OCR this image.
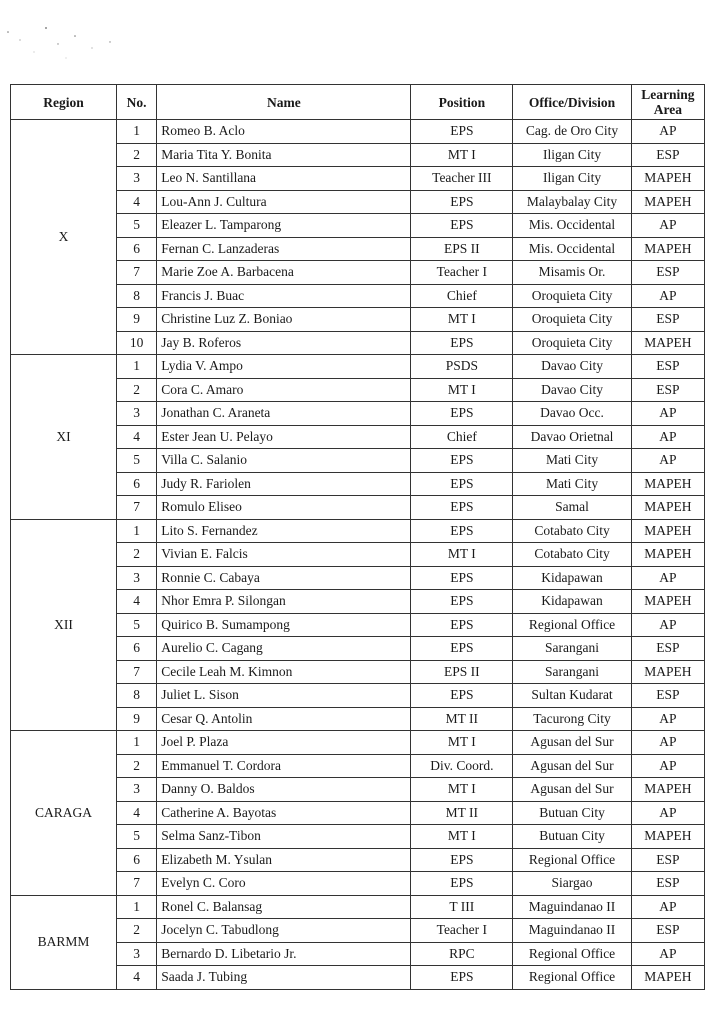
Region	No.	Name	Position	Office/Division	Learning Area
X	1	Romeo B. Aclo	EPS	Cag. de Oro City	AP
	2	Maria Tita Y. Bonita	MT I	Iligan City	ESP
	3	Leo N. Santillana	Teacher III	Iligan City	MAPEH
	4	Lou-Ann J. Cultura	EPS	Malaybalay City	MAPEH
	5	Eleazer L. Tamparong	EPS	Mis. Occidental	AP
	6	Fernan C. Lanzaderas	EPS II	Mis. Occidental	MAPEH
	7	Marie Zoe A. Barbacena	Teacher I	Misamis Or.	ESP
	8	Francis J. Buac	Chief	Oroquieta City	AP
	9	Christine Luz Z. Boniao	MT I	Oroquieta City	ESP
	10	Jay B. Roferos	EPS	Oroquieta City	MAPEH
XI	1	Lydia V. Ampo	PSDS	Davao City	ESP
	2	Cora C. Amaro	MT I	Davao City	ESP
	3	Jonathan C. Araneta	EPS	Davao Occ.	AP
	4	Ester Jean U. Pelayo	Chief	Davao Orietnal	AP
	5	Villa C. Salanio	EPS	Mati City	AP
	6	Judy R. Fariolen	EPS	Mati City	MAPEH
	7	Romulo Eliseo	EPS	Samal	MAPEH
XII	1	Lito S. Fernandez	EPS	Cotabato City	MAPEH
	2	Vivian E. Falcis	MT I	Cotabato City	MAPEH
	3	Ronnie C. Cabaya	EPS	Kidapawan	AP
	4	Nhor Emra P. Silongan	EPS	Kidapawan	MAPEH
	5	Quirico B. Sumampong	EPS	Regional Office	AP
	6	Aurelio C. Cagang	EPS	Sarangani	ESP
	7	Cecile Leah M. Kimnon	EPS II	Sarangani	MAPEH
	8	Juliet L. Sison	EPS	Sultan Kudarat	ESP
	9	Cesar Q. Antolin	MT II	Tacurong City	AP
CARAGA	1	Joel P. Plaza	MT I	Agusan del Sur	AP
	2	Emmanuel T. Cordora	Div. Coord.	Agusan del Sur	AP
	3	Danny O. Baldos	MT I	Agusan del Sur	MAPEH
	4	Catherine A. Bayotas	MT II	Butuan City	AP
	5	Selma Sanz-Tibon	MT I	Butuan City	MAPEH
	6	Elizabeth M. Ysulan	EPS	Regional Office	ESP
	7	Evelyn C. Coro	EPS	Siargao	ESP
BARMM	1	Ronel C. Balansag	T III	Maguindanao II	AP
	2	Jocelyn C. Tabudlong	Teacher I	Maguindanao II	ESP
	3	Bernardo D. Libetario Jr.	RPC	Regional Office	AP
	4	Saada J. Tubing	EPS	Regional Office	MAPEH
